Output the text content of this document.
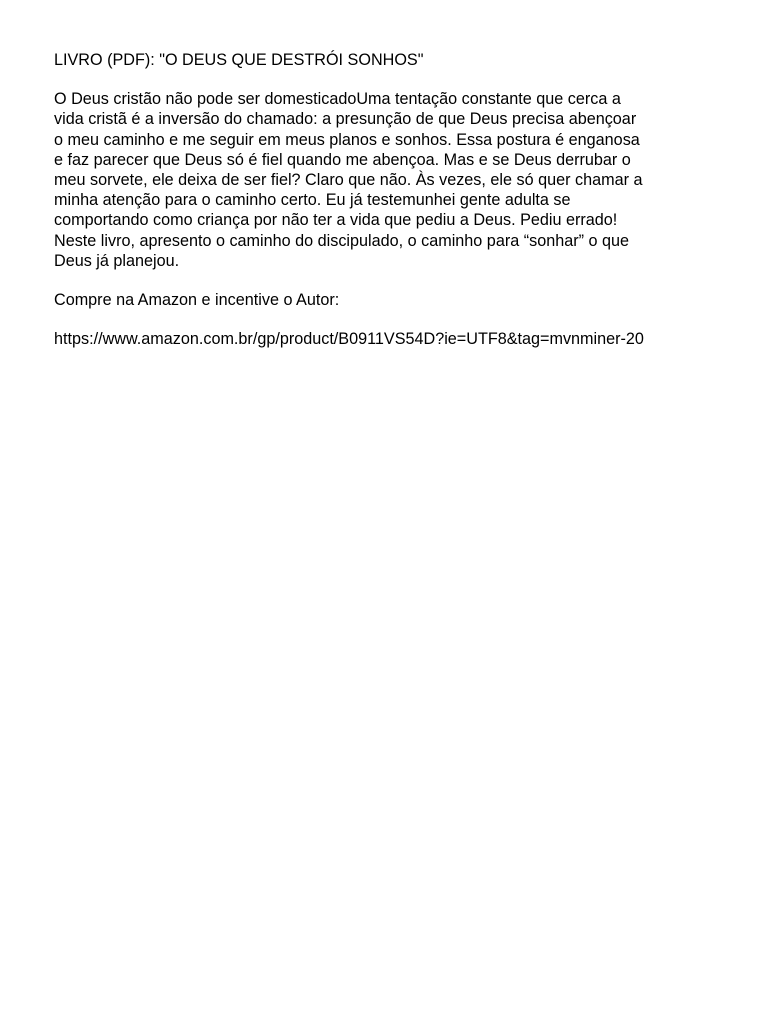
LIVRO (PDF): "O DEUS QUE DESTRÓI SONHOS"

O Deus cristão não pode ser domesticadoUma tentação constante que cerca a
vida cristã é a inversão do chamado: a presunção de que Deus precisa abençoar
o meu caminho e me seguir em meus planos e sonhos. Essa postura é enganosa
e faz parecer que Deus só é fiel quando me abençoa. Mas e se Deus derrubar o
meu sorvete, ele deixa de ser fiel? Claro que não. Às vezes, ele só quer chamar a
minha atenção para o caminho certo. Eu já testemunhei gente adulta se
comportando como criança por não ter a vida que pediu a Deus. Pediu errado!
Neste livro, apresento o caminho do discipulado, o caminho para “sonhar” o que
Deus já planejou.

Compre na Amazon e incentive o Autor:

https://www.amazon.com.br/gp/product/B0911VS54D?ie=UTF8&tag=mvnminer-20
